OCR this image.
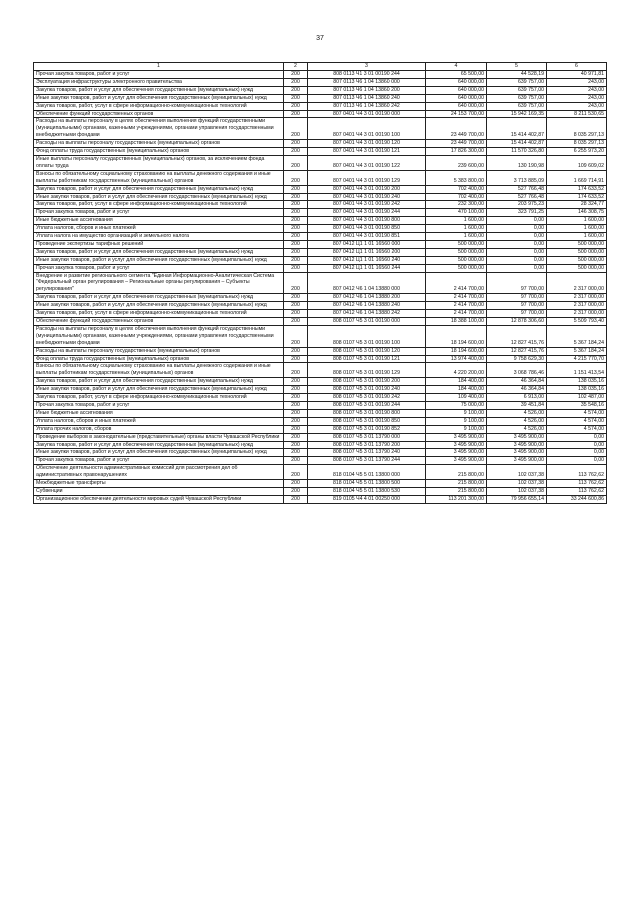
37
1	2	3	4	5	6
Прочая закупка товаров, работ и услуг	200	808 0113 Ч1 3 01 00190 244	65 500,00	44 528,19	40 971,81
Эксплуатация инфраструктуры электронного правительства	200	807 0113 Ч6 1 04 13860 000	640 000,00	639 757,00	243,00
Закупка товаров, работ и услуг для обеспечения государственных (муниципальных) нужд	200	807 0113 Ч6 1 04 13860 200	640 000,00	639 757,00	243,00
Иные закупки товаров, работ и услуг для обеспечения государственных (муниципальных) нужд	200	807 0113 Ч6 1 04 13860 240	640 000,00	639 757,00	243,00
Закупка товаров, работ, услуг в сфере информационно-коммуникационных технологий	200	807 0113 Ч6 1 04 13860 242	640 000,00	639 757,00	243,00
Обеспечение функций государственных органов	200	807 0401 Ч4 3 01 00190 000	24 153 700,00	15 942 169,35	8 211 530,65
Расходы на выплаты персоналу в целях обеспечения выполнения функций государственными (муниципальными) органами, казенными учреждениями, органами управления государственными внебюджетными фондами	200	807 0401 Ч4 3 01 00190 100	23 449 700,00	15 414 402,87	8 035 297,13
Расходы на выплаты персоналу государственных (муниципальных) органов	200	807 0401 Ч4 3 01 00190 120	23 449 700,00	15 414 402,87	8 035 297,13
Фонд оплаты труда государственных (муниципальных) органов	200	807 0401 Ч4 3 01 00190 121	17 826 300,00	11 570 326,80	6 255 973,20
Иные выплаты персоналу государственных (муниципальных) органов, за исключением фонда оплаты труда	200	807 0401 Ч4 3 01 00190 122	239 600,00	130 190,98	109 609,02
Взносы по обязательному социальному страхованию на выплаты денежного содержания и иные выплаты работникам государственных (муниципальных) органов	200	807 0401 Ч4 3 01 00190 129	5 383 800,00	3 713 885,09	1 669 714,91
Закупка товаров, работ и услуг для обеспечения государственных (муниципальных) нужд	200	807 0401 Ч4 3 01 00190 200	702 400,00	527 766,48	174 633,52
Иные закупки товаров, работ и услуг для обеспечения государственных (муниципальных) нужд	200	807 0401 Ч4 3 01 00190 240	702 400,00	527 766,48	174 633,52
Закупка товаров, работ, услуг в сфере информационно-коммуникационных технологий	200	807 0401 Ч4 3 01 00190 242	232 300,00	203 975,23	28 324,77
Прочая закупка товаров, работ и услуг	200	807 0401 Ч4 3 01 00190 244	470 100,00	323 791,25	146 308,75
Иные бюджетные ассигнования	200	807 0401 Ч4 3 01 00190 800	1 600,00	0,00	1 600,00
Уплата налогов, сборов и иных платежей	200	807 0401 Ч4 3 01 00190 850	1 600,00	0,00	1 600,00
Уплата налога на имущество организаций и земельного налога	200	807 0401 Ч4 3 01 00190 851	1 600,00	0,00	1 600,00
Проведение экспертизы тарифных решений	200	807 0412 Ц1 1 01 16560 000	500 000,00	0,00	500 000,00
Закупка товаров, работ и услуг для обеспечения государственных (муниципальных) нужд	200	807 0412 Ц1 1 01 16560 200	500 000,00	0,00	500 000,00
Иные закупки товаров, работ и услуг для обеспечения государственных (муниципальных) нужд	200	807 0412 Ц1 1 01 16560 240	500 000,00	0,00	500 000,00
Прочая закупка товаров, работ и услуг	200	807 0412 Ц1 1 01 16560 244	500 000,00	0,00	500 000,00
Внедрение и развитие регионального сегмента "Единая Информационно-Аналитическая Система "Федеральный орган регулирования – Региональные органы регулирования – Субъекты регулирования"	200	807 0412 Ч6 1 04 13880 000	2 414 700,00	97 700,00	2 317 000,00
Закупка товаров, работ и услуг для обеспечения государственных (муниципальных) нужд	200	807 0412 Ч6 1 04 13880 200	2 414 700,00	97 700,00	2 317 000,00
Иные закупки товаров, работ и услуг для обеспечения государственных (муниципальных) нужд	200	807 0412 Ч6 1 04 13880 240	2 414 700,00	97 700,00	2 317 000,00
Закупка товаров, работ, услуг в сфере информационно-коммуникационных технологий	200	807 0412 Ч6 1 04 13880 242	2 414 700,00	97 700,00	2 317 000,00
Обеспечение функций государственных органов	200	808 0107 Ч5 3 01 00190 000	18 388 100,00	12 878 306,60	5 509 793,40
Расходы на выплаты персоналу в целях обеспечения выполнения функций государственными (муниципальными) органами, казенными учреждениями, органами управления государственными внебюджетными фондами	200	808 0107 Ч5 3 01 00190 100	18 194 600,00	12 827 415,76	5 367 184,24
Расходы на выплаты персоналу государственных (муниципальных) органов	200	808 0107 Ч5 3 01 00190 120	18 194 600,00	12 827 415,76	5 367 184,24
Фонд оплаты труда государственных (муниципальных) органов	200	808 0107 Ч5 3 01 00190 121	13 974 400,00	9 758 629,30	4 215 770,70
Взносы по обязательному социальному страхованию на выплаты денежного содержания и иные выплаты работникам государственных (муниципальных) органов	200	808 0107 Ч5 3 01 00190 129	4 220 200,00	3 068 786,46	1 151 413,54
Закупка товаров, работ и услуг для обеспечения государственных (муниципальных) нужд	200	808 0107 Ч5 3 01 00190 200	184 400,00	46 364,84	138 035,16
Иные закупки товаров, работ и услуг для обеспечения государственных (муниципальных) нужд	200	808 0107 Ч5 3 01 00190 240	184 400,00	46 364,84	138 035,16
Закупка товаров, работ, услуг в сфере информационно-коммуникационных технологий	200	808 0107 Ч5 3 01 00190 242	109 400,00	6 913,00	102 487,00
Прочая закупка товаров, работ и услуг	200	808 0107 Ч5 3 01 00190 244	75 000,00	39 451,84	35 548,16
Иные бюджетные ассигнования	200	808 0107 Ч5 3 01 00190 800	9 100,00	4 526,00	4 574,00
Уплата налогов, сборов и иных платежей	200	808 0107 Ч5 3 01 00190 850	9 100,00	4 526,00	4 574,00
Уплата прочих налогов, сборов	200	808 0107 Ч5 3 01 00190 852	9 100,00	4 526,00	4 574,00
Проведение выборов в законодательные (представительные) органы власти Чувашской Республики	200	808 0107 Ч5 3 01 13790 000	3 495 900,00	3 495 900,00	0,00
Закупка товаров, работ и услуг для обеспечения государственных (муниципальных) нужд	200	808 0107 Ч5 3 01 13790 200	3 495 900,00	3 495 900,00	0,00
Иные закупки товаров, работ и услуг для обеспечения государственных (муниципальных) нужд	200	808 0107 Ч5 3 01 13790 240	3 495 900,00	3 495 900,00	0,00
Прочая закупка товаров, работ и услуг	200	808 0107 Ч5 3 01 13790 244	3 495 900,00	3 495 900,00	0,00
Обеспечение деятельности административных комиссий для рассмотрения дел об административных правонарушениях	200	818 0104 Ч5 5 01 13800 000	215 800,00	102 037,38	113 762,62
Межбюджетные трансферты	200	818 0104 Ч5 5 01 13800 500	215 800,00	102 037,38	113 762,62
Субвенции	200	818 0104 Ч5 5 01 13800 530	215 800,00	102 037,38	113 762,62
Организационное обеспечение деятельности мировых судей Чувашской Республики	200	819 0105 Ч4 4 01 00250 000	113 201 300,00	79 956 655,14	33 244 600,86
